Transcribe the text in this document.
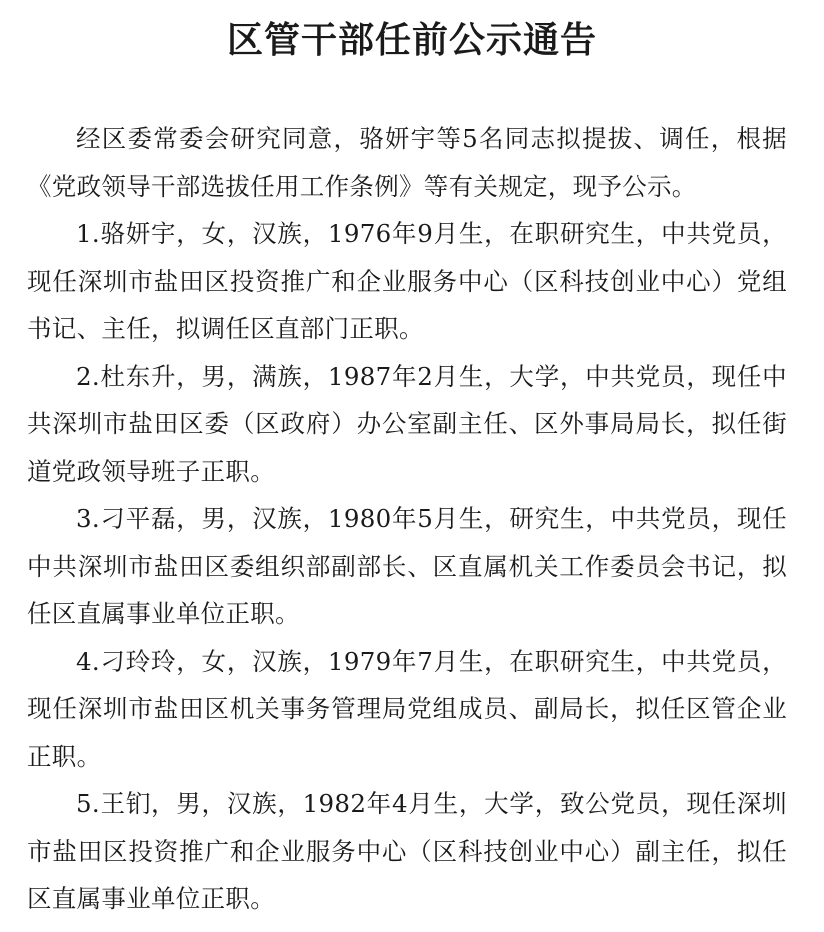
区管干部任前公示通告

经区委常委会研究同意，骆妍宇等5名同志拟提拔、调任，根据《党政领导干部选拔任用工作条例》等有关规定，现予公示。

1.骆妍宇，女，汉族，1976年9月生，在职研究生，中共党员，现任深圳市盐田区投资推广和企业服务中心（区科技创业中心）党组书记、主任，拟调任区直部门正职。

2.杜东升，男，满族，1987年2月生，大学，中共党员，现任中共深圳市盐田区委（区政府）办公室副主任、区外事局局长，拟任街道党政领导班子正职。

3.刁平磊，男，汉族，1980年5月生，研究生，中共党员，现任中共深圳市盐田区委组织部副部长、区直属机关工作委员会书记，拟任区直属事业单位正职。

4.刁玲玲，女，汉族，1979年7月生，在职研究生，中共党员，现任深圳市盐田区机关事务管理局党组成员、副局长，拟任区管企业正职。

5.王钔，男，汉族，1982年4月生，大学，致公党员，现任深圳市盐田区投资推广和企业服务中心（区科技创业中心）副主任，拟任区直属事业单位正职。
